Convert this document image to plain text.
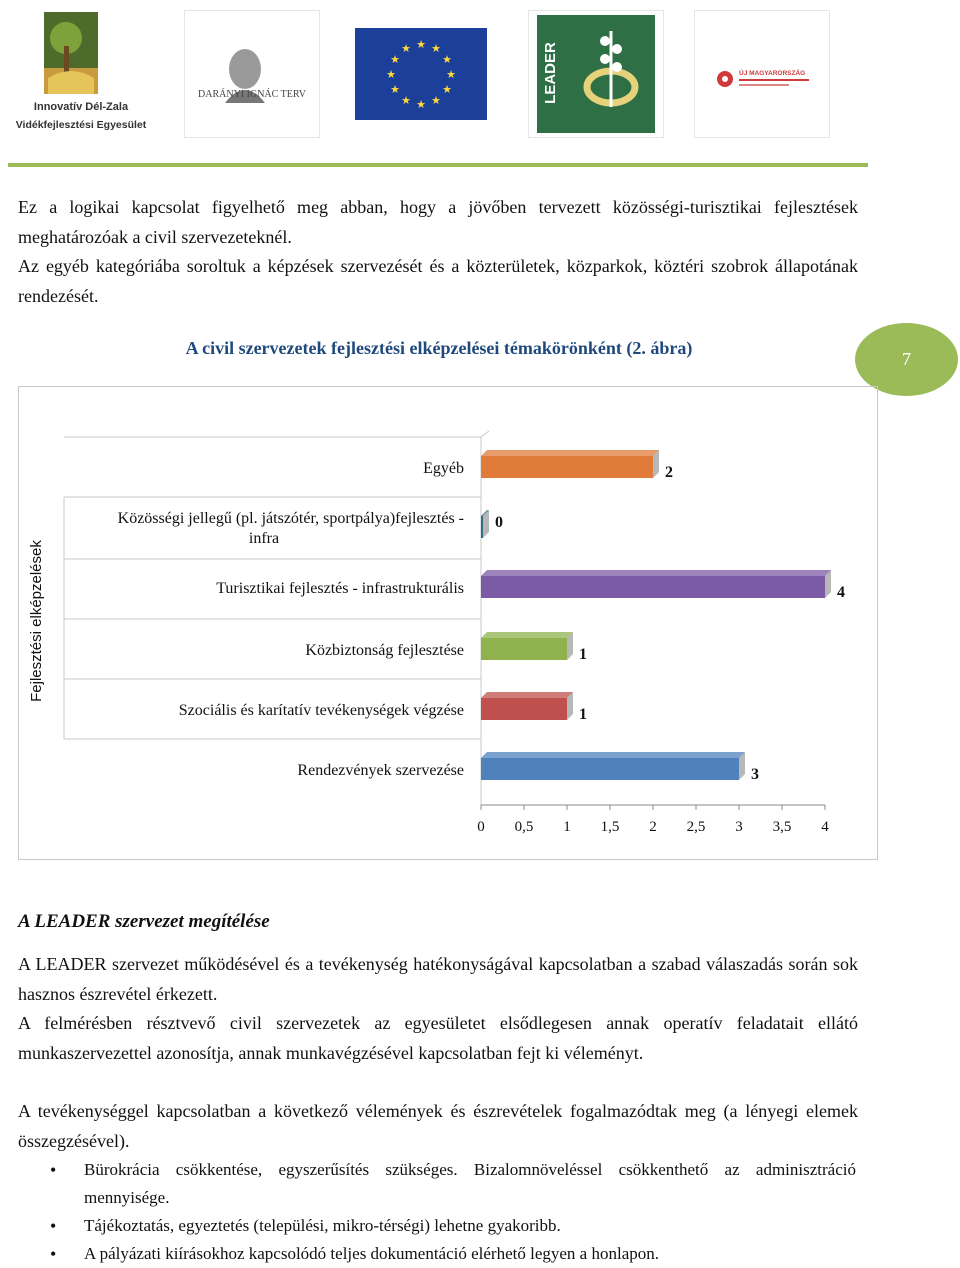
Innovatív Dél-Zala
Vidékfejlesztési Egyesület
DARÁNYI IGNÁC TERV
★ ★
★
★
★
★
★
★
★
★
★
★	LEADER	ÚJ MAGYARORSZÁG

Ez a logikai kapcsolat figyelhető meg abban, hogy a jövőben tervezett közösségi-turisztikai fejlesztések meghatározóak a civil szervezeteknél.

Az egyéb kategóriába soroltuk a képzések szervezését és a közterületek, közparkok, köztéri szobrok állapotának rendezését.

A civil szervezetek fejlesztési elképzelései témakörönként (2. ábra)
7
0 0,5 1 1,5 2 2,5 3 3,5 4
Fejlesztési elképzelések
2
Egyéb
0
Közösségi jellegű (pl. játszótér, sportpálya)fejlesztés -
infra
4
Turisztikai fejlesztés - infrastrukturális
1
Közbiztonság fejlesztése
1
Szociális és karítatív tevékenységek végzése
3
Rendezvények szervezése
A LEADER szervezet megítélése

A LEADER szervezet működésével és a tevékenység hatékonyságával kapcsolatban a szabad válaszadás során sok hasznos észrevétel érkezett.

A felmérésben résztvevő civil szervezetek az egyesületet elsődlegesen annak operatív feladatait ellátó munkaszervezettel azonosítja, annak munkavégzésével kapcsolatban fejt ki véleményt.

A tevékenységgel kapcsolatban a következő vélemények és észrevételek fogalmazódtak meg (a lényegi elemek összegzésével).

• Bürokrácia csökkentése, egyszerűsítés szükséges. Bizalomnöveléssel csökkenthető az adminisztráció mennyisége.
• Tájékoztatás, egyeztetés (települési, mikro-térségi) lehetne gyakoribb.
• A pályázati kiírásokhoz kapcsolódó teljes dokumentáció elérhető legyen a honlapon.
